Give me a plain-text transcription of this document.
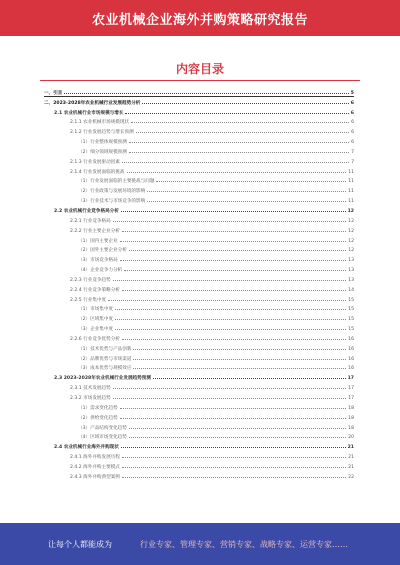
农业机械企业海外并购策略研究报告
内容目录
一、引言	5
二、2023-2028年农业机械行业发展趋势分析	6
2.1 农业机械行业市场规模与增长	6
2.1.1 农业机械市场规模现状	6
2.1.2 行业发展趋势与增长预测	6
（1）行业整体规模预测	6
（2）细分领域规模预测	7
2.1.3 行业发展驱动因素	7
2.1.4 行业发展面临的挑战	11
（1）行业发展面临的主要挑战与问题	11
（2）行业政策与发展环境的影响	11
（3）行业技术与市场竞争的影响	11
2.2 农业机械行业竞争格局分析	12
2.2.1 行业竞争格局	12
2.2.2 行业主要企业分析	12
（1）国内主要企业	12
（2）国外主要企业分析	12
（3）市场竞争格局	13
（4）企业竞争力分析	13
2.2.3 行业竞争趋势	13
2.2.4 行业竞争策略分析	14
2.2.5 行业集中度	15
（1）市场集中度	15
（2）区域集中度	15
（3）企业集中度	15
2.2.6 行业竞争优势分析	16
（1）技术优势与产品创新	16
（2）品牌优势与市场渠道	16
（3）成本优势与规模效应	16
2.3 2023-2028年农业机械行业发展趋势预测	17
2.3.1 技术发展趋势	17
2.3.2 市场发展趋势	17
（1）需求变化趋势	18
（2）供给变化趋势	18
（3）产品结构变化趋势	18
（4）区域市场变化趋势	20
2.4 农业机械行业海外并购现状	21
2.4.1 海外并购发展历程	21
2.4.2 海外并购主要模式	21
2.4.3 海外并购典型案例	22
让每个人都能成为	行业专家、管理专家、营销专家、战略专家、运营专家……
